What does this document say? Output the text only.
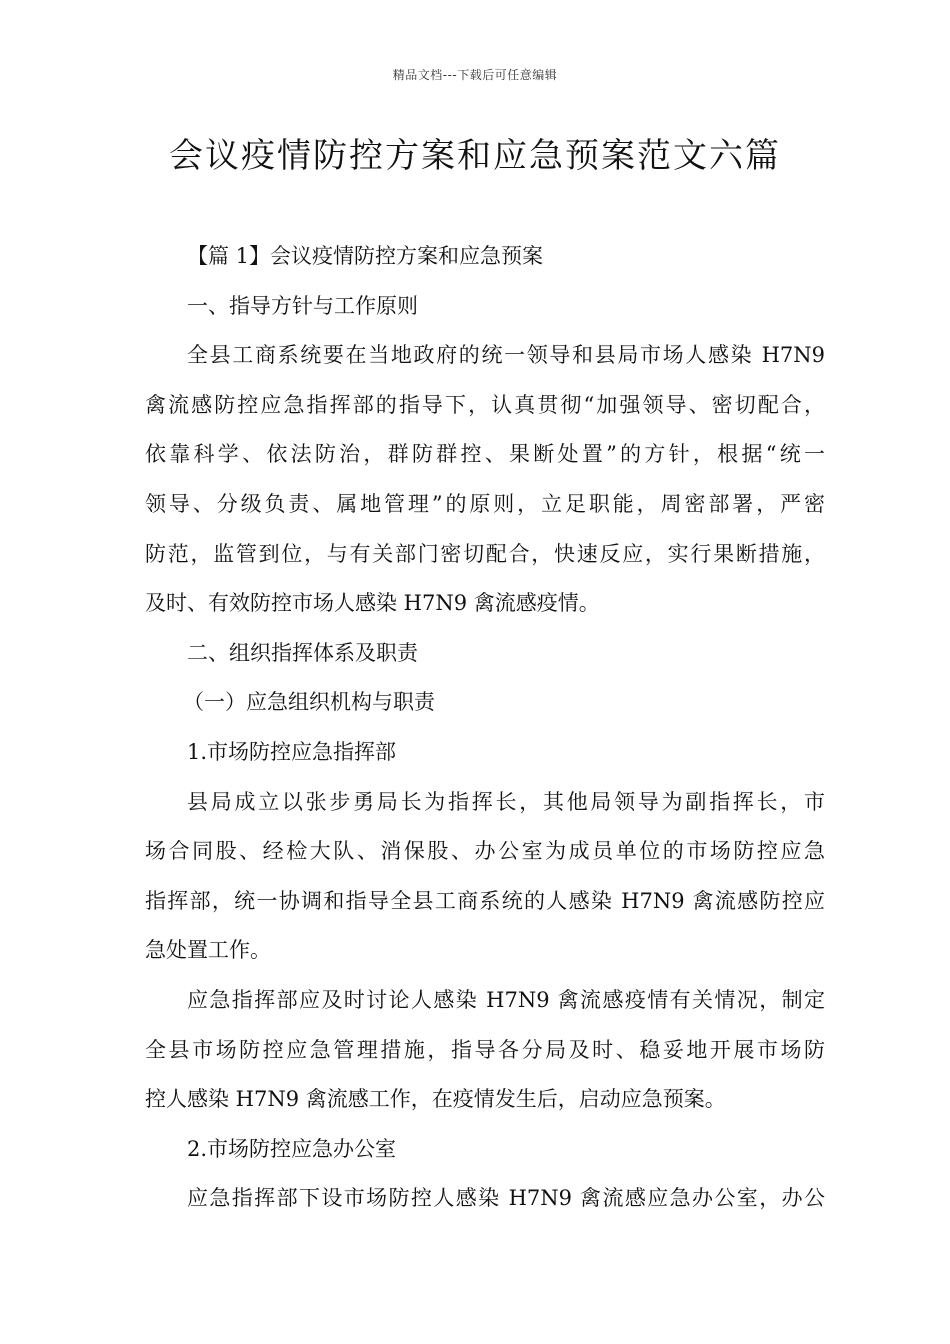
精品文档---下载后可任意编辑
会议疫情防控方案和应急预案范文六篇
【篇 1】会议疫情防控方案和应急预案
一、指导方针与工作原则
全县工商系统要在当地政府的统一领导和县局市场人感染 H7N9
禽流感防控应急指挥部的指导下，认真贯彻“加强领导、密切配合，
依靠科学、依法防治，群防群控、果断处置”的方针，根据“统一
领导、分级负责、属地管理”的原则，立足职能，周密部署，严密
防范，监管到位，与有关部门密切配合，快速反应，实行果断措施，
及时、有效防控市场人感染 H7N9 禽流感疫情。
二、组织指挥体系及职责
（一）应急组织机构与职责
1.市场防控应急指挥部
县局成立以张步勇局长为指挥长，其他局领导为副指挥长，市
场合同股、经检大队、消保股、办公室为成员单位的市场防控应急
指挥部，统一协调和指导全县工商系统的人感染 H7N9 禽流感防控应
急处置工作。
应急指挥部应及时讨论人感染 H7N9 禽流感疫情有关情况，制定
全县市场防控应急管理措施，指导各分局及时、稳妥地开展市场防
控人感染 H7N9 禽流感工作，在疫情发生后，启动应急预案。
2.市场防控应急办公室
应急指挥部下设市场防控人感染 H7N9 禽流感应急办公室，办公
